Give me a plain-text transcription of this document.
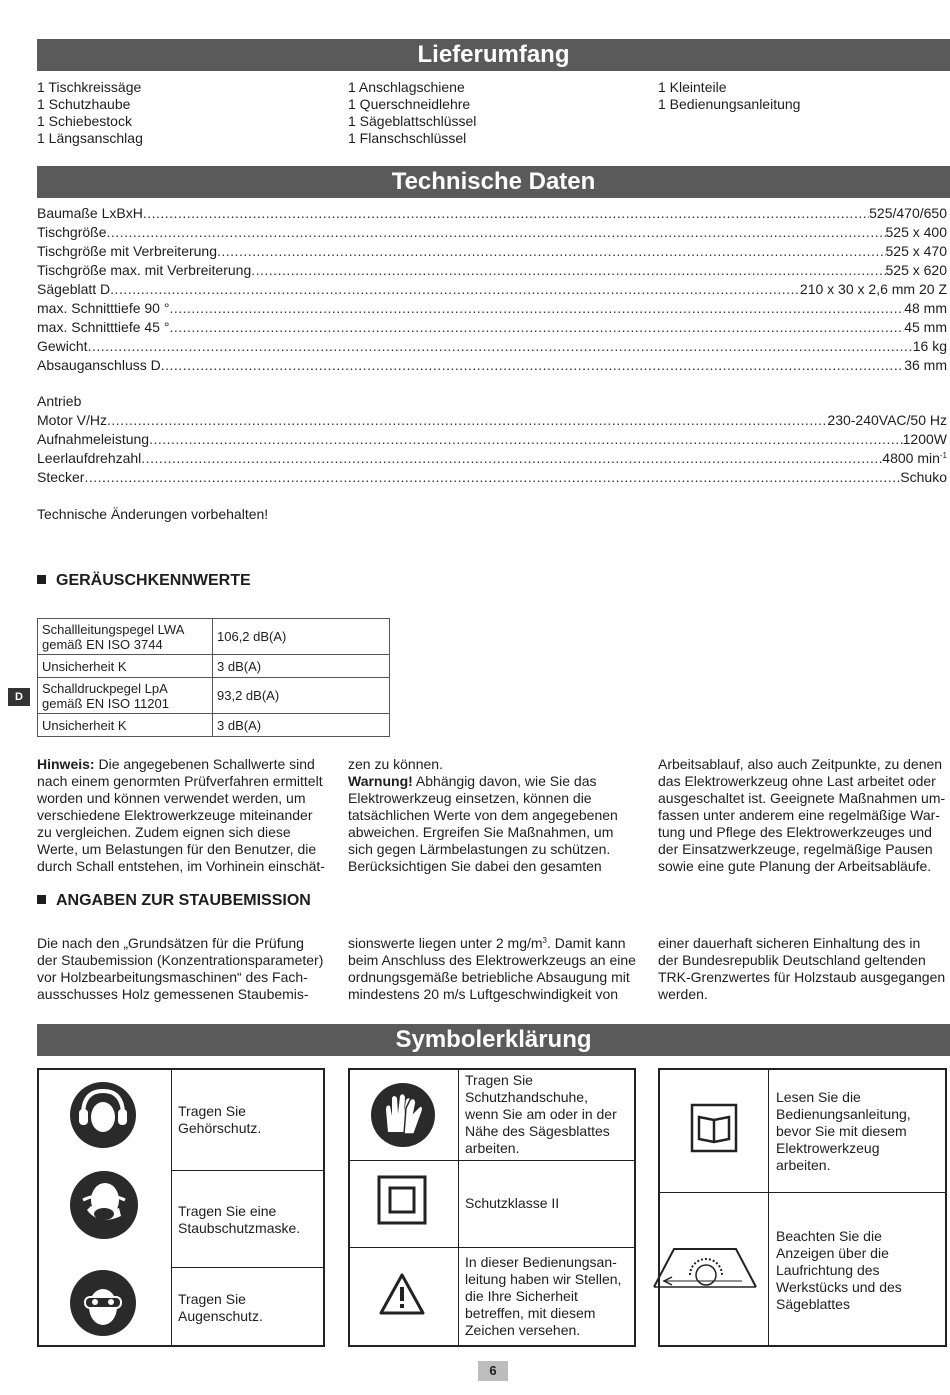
Lieferumfang
1 Tischkreissäge
1 Schutzhaube
1 Schiebestock
1 Längsanschlag
1 Anschlagschiene
1 Querschneidlehre
1 Sägeblattschlüssel
1 Flanschschlüssel
1 Kleinteile
1 Bedienungsanleitung
Technische Daten
Baumaße LxBxH .....	525/470/650
Tischgröße .....	525 x 400
Tischgröße mit Verbreiterung .....	525 x 470
Tischgröße max. mit Verbreiterung .....	525 x 620
Sägeblatt D .....	210 x 30 x 2,6 mm 20 Z
max. Schnitttiefe 90 ° .....	48 mm
max. Schnitttiefe 45 ° .....	45 mm
Gewicht .....	16 kg
Absauganschluss D .....	36 mm
Antrieb
Motor V/Hz .....	230-240VAC/50 Hz
Aufnahmeleistung .....	1200W
Leerlaufdrehzahl .....	4800 $\min^{-1}$
Stecker .....	Schuko
Technische Änderungen vorbehalten!
GERÄUSCHKENNWERTE
Schallleitungspegel LWA
gemäß EN ISO 3744	106,2 dB(A)
Unsicherheit K	3 dB(A)
Schalldruckpegel LpA
gemäß EN ISO 11201	93,2 dB(A)
Unsicherheit K	3 dB(A)
D
Hinweis: Die angegebenen Schallwerte sind
nach einem genormten Prüfverfahren ermittelt
worden und können verwendet werden, um
verschiedene Elektrowerkzeuge miteinander
zu vergleichen. Zudem eignen sich diese
Werte, um Belastungen für den Benutzer, die
durch Schall entstehen, im Vorhinein einschät-
zen zu können.
Warnung! Abhängig davon, wie Sie das
Elektrowerkzeug einsetzen, können die
tatsächlichen Werte von dem angegebenen
abweichen. Ergreifen Sie Maßnahmen, um
sich gegen Lärmbelastungen zu schützen.
Berücksichtigen Sie dabei den gesamten
Arbeitsablauf, also auch Zeitpunkte, zu denen
das Elektrowerkzeug ohne Last arbeitet oder
ausgeschaltet ist. Geeignete Maßnahmen um-
fassen unter anderem eine regelmäßige War-
tung und Pflege des Elektrowerkzeuges und
der Einsatzwerkzeuge, regelmäßige Pausen
sowie eine gute Planung der Arbeitsabläufe.
ANGABEN ZUR STAUBEMISSION
Die nach den „Grundsätzen für die Prüfung
der Staubemission (Konzentrationsparameter)
vor Holzbearbeitungsmaschinen“ des Fach-
ausschusses Holz gemessenen Staubemis-
sionswerte liegen unter 2 $mg/m^3$. Damit kann
beim Anschluss des Elektrowerkzeugs an eine
ordnungsgemäße betriebliche Absaugung mit
mindestens 20 m/s Luftgeschwindigkeit von
einer dauerhaft sicheren Einhaltung des in
der Bundesrepublik Deutschland geltenden
TRK-Grenzwertes für Holzstaub ausgegangen
werden.
Symbolerklärung
Tragen Sie
Gehörschutz.
Tragen Sie eine
Staubschutzmaske.
Tragen Sie
Augenschutz.
Tragen Sie
Schutzhandschuhe,
wenn Sie am oder in der
Nähe des Sägesblattes
arbeiten.
Schutzklasse II
In dieser Bedienungsan-
leitung haben wir Stellen,
die Ihre Sicherheit
betreffen, mit diesem
Zeichen versehen.
Lesen Sie die
Bedienungsanleitung,
bevor Sie mit diesem
Elektrowerkzeug
arbeiten.
Beachten Sie die
Anzeigen über die
Laufrichtung des
Werkstücks und des
Sägeblattes
6
